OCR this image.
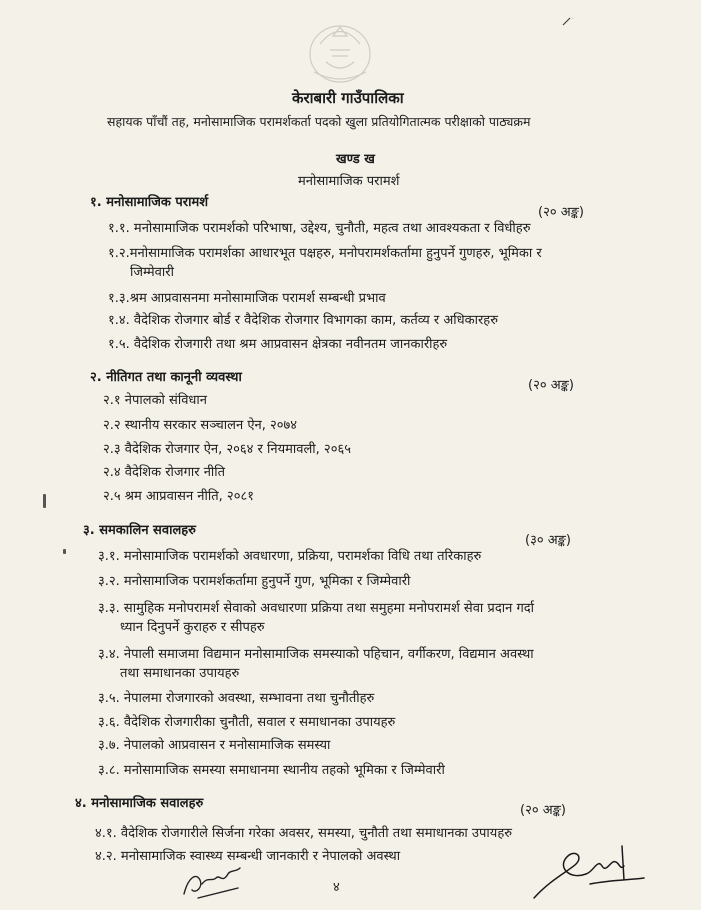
केराबारी गाउँपालिका
सहायक पाँचौं तह, मनोसामाजिक परामर्शकर्ता पदको खुला प्रतियोगितात्मक परीक्षाको पाठ्यक्रम
खण्ड ख
मनोसामाजिक परामर्श
१. मनोसामाजिक परामर्श
(२० अङ्क)
१.१. मनोसामाजिक परामर्शको परिभाषा, उद्देश्य, चुनौती, महत्व तथा आवश्यकता र विधीहरु
१.२.मनोसामाजिक परामर्शका आधारभूत पक्षहरु, मनोपरामर्शकर्तामा हुनुपर्ने गुणहरु, भूमिका र
जिम्मेवारी
१.३.श्रम आप्रवासनमा मनोसामाजिक परामर्श सम्बन्धी प्रभाव
१.४. वैदेशिक रोजगार बोर्ड र वैदेशिक रोजगार विभागका काम, कर्तव्य र अधिकारहरु
१.५. वैदेशिक रोजगारी तथा श्रम आप्रवासन क्षेत्रका नवीनतम जानकारीहरु
२. नीतिगत तथा कानूनी व्यवस्था
(२० अङ्क)
२.१ नेपालको संविधान
२.२ स्थानीय सरकार सञ्चालन ऐन, २०७४
२.३ वैदेशिक रोजगार ऐन, २०६४ र नियमावली, २०६५
२.४ वैदेशिक रोजगार नीति
२.५ श्रम आप्रवासन नीति, २०८१
३. समकालिन सवालहरु
(३० अङ्क)
३.१. मनोसामाजिक परामर्शको अवधारणा, प्रक्रिया, परामर्शका विधि तथा तरिकाहरु
३.२. मनोसामाजिक परामर्शकर्तामा हुनुपर्ने गुण, भूमिका र जिम्मेवारी
३.३. सामुहिक मनोपरामर्श सेवाको अवधारणा प्रक्रिया तथा समुहमा मनोपरामर्श सेवा प्रदान गर्दा
ध्यान दिनुपर्ने कुराहरु र सीपहरु
३.४. नेपाली समाजमा विद्यमान मनोसामाजिक समस्याको पहिचान, वर्गीकरण, विद्यमान अवस्था
तथा समाधानका उपायहरु
३.५. नेपालमा रोजगारको अवस्था, सम्भावना तथा चुनौतीहरु
३.६. वैदेशिक रोजगारीका चुनौती, सवाल र समाधानका उपायहरु
३.७. नेपालको आप्रवासन र मनोसामाजिक समस्या
३.८. मनोसामाजिक समस्या समाधानमा स्थानीय तहको भूमिका र जिम्मेवारी
४. मनोसामाजिक सवालहरु	(२० अङ्क)
४.१. वैदेशिक रोजगारीले सिर्जना गरेका अवसर, समस्या, चुनौती तथा समाधानका उपायहरु
४.२. मनोसामाजिक स्वास्थ्य सम्बन्धी जानकारी र नेपालको अवस्था
४
